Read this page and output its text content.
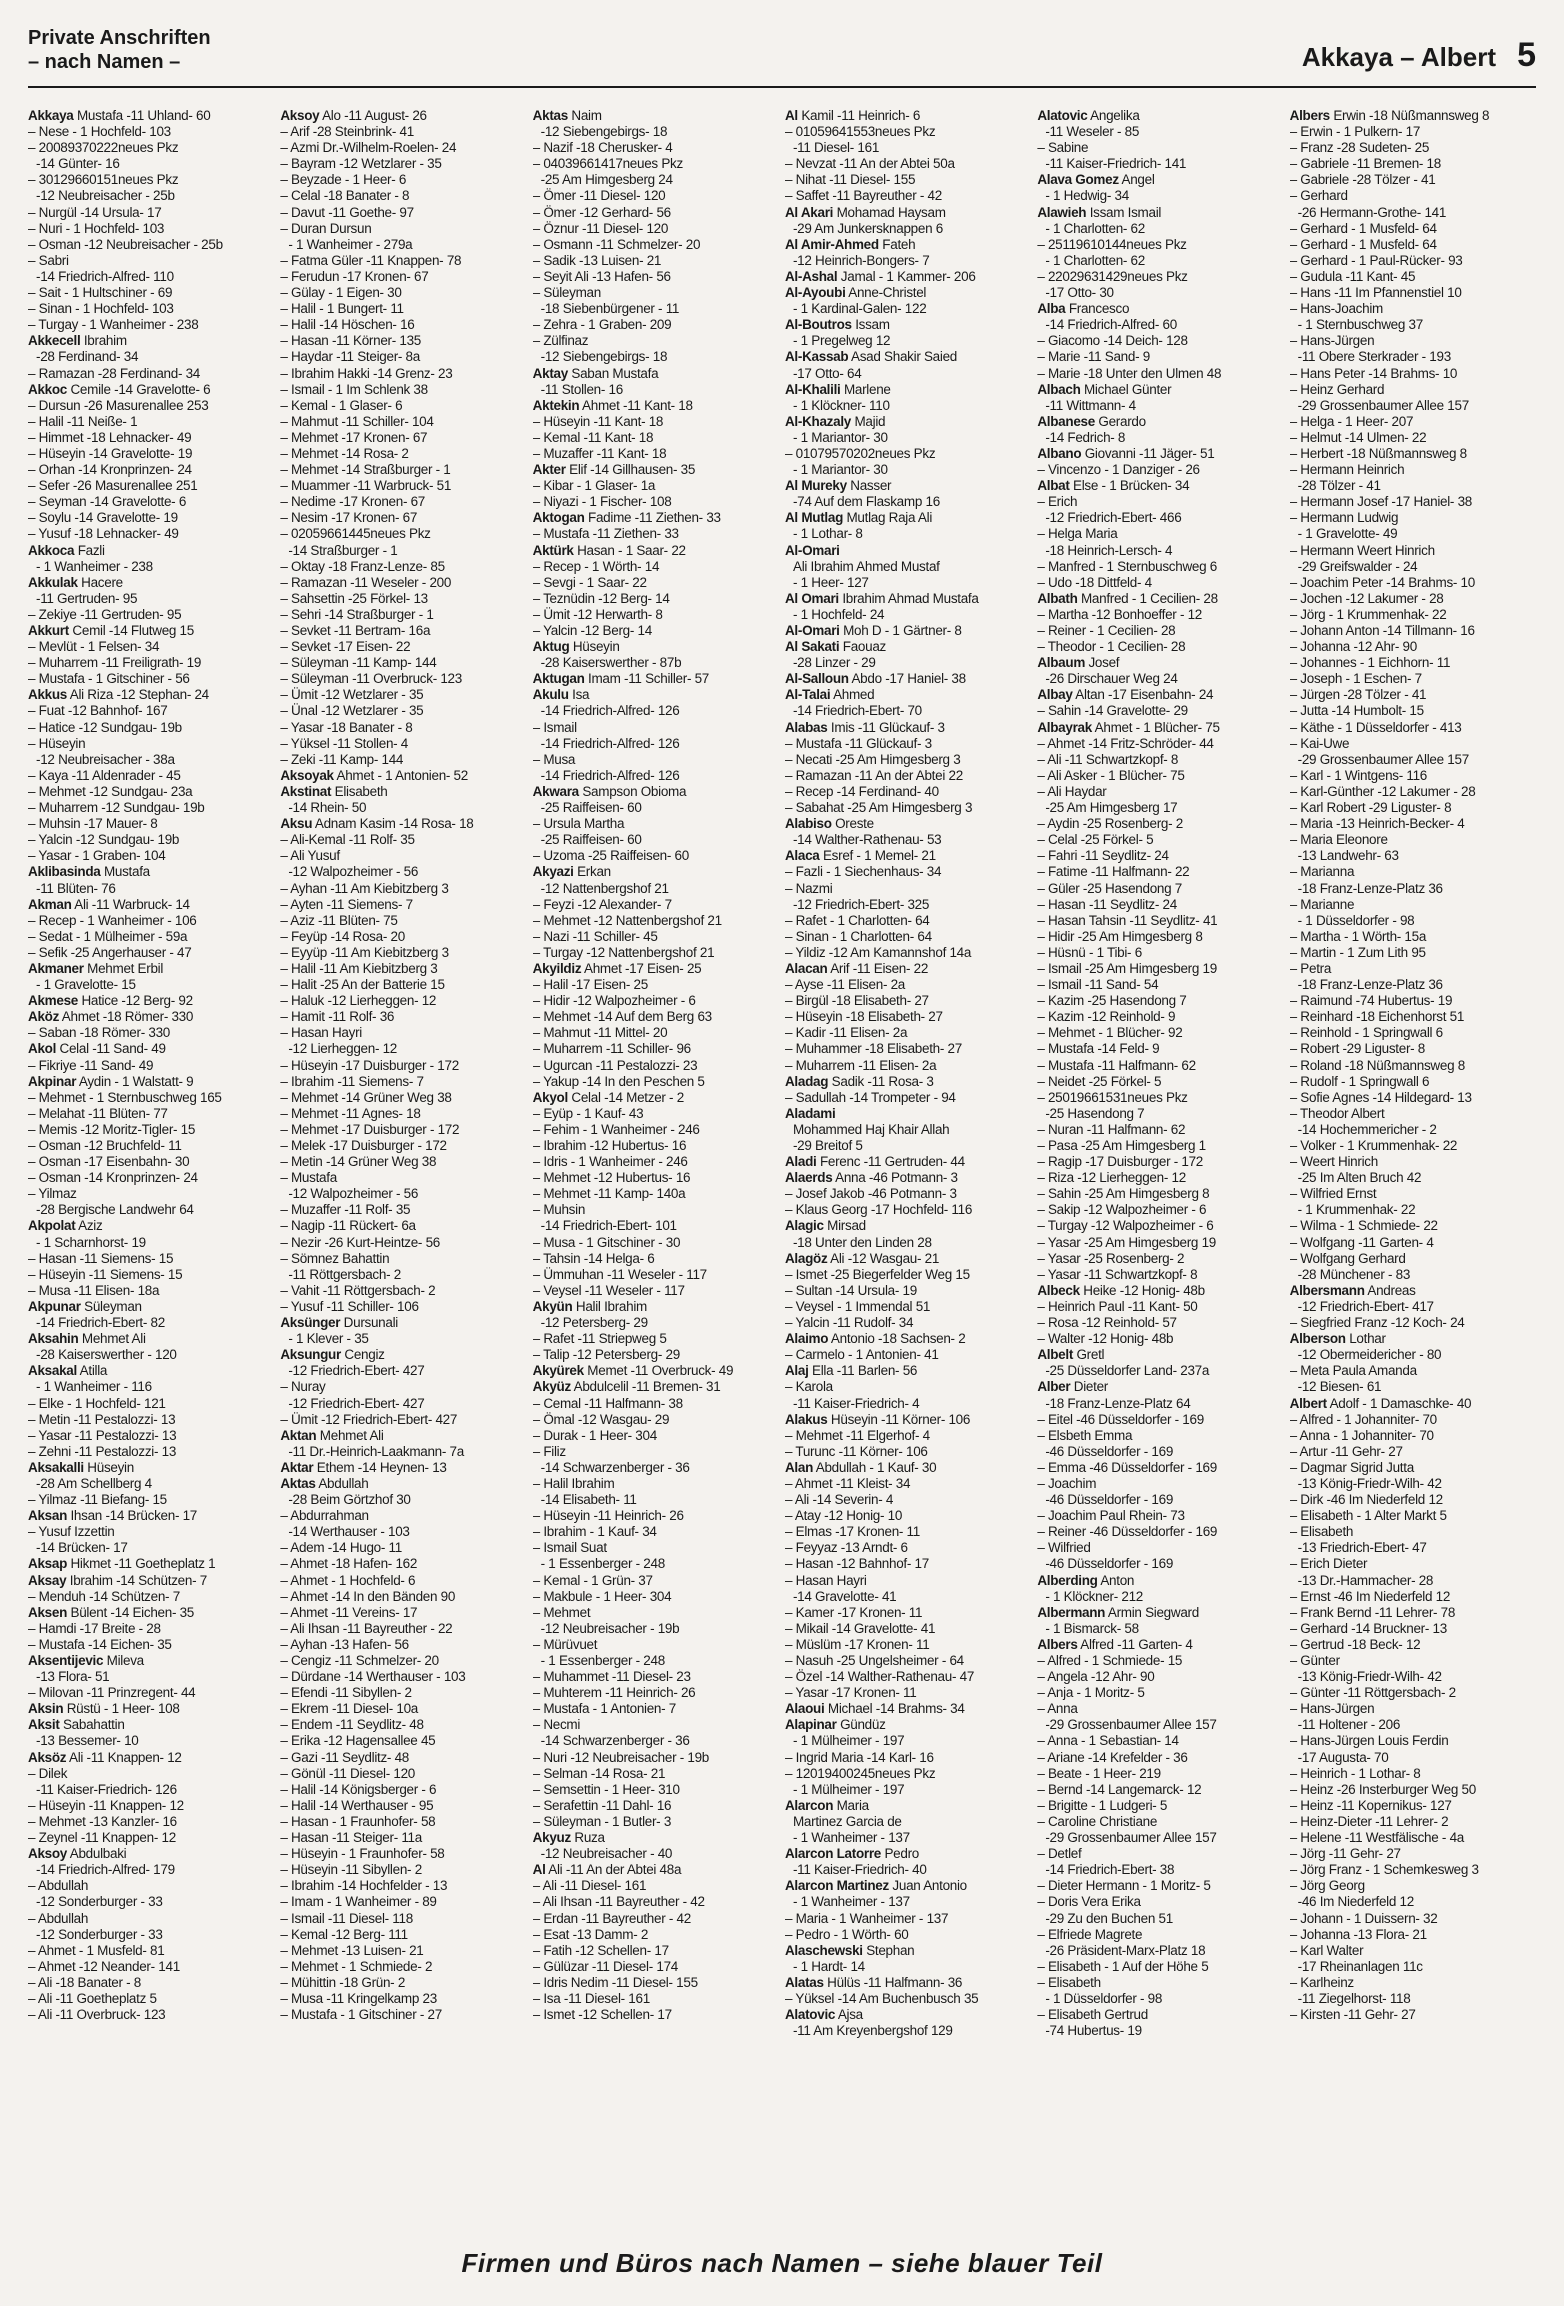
Private Anschriften
– nach Namen –	Akkaya – Albert 5
Akkaya Mustafa -11 Uhland- 60
– Nese - 1 Hochfeld- 103
– 20089370222neues Pkz
-14 Günter- 16
– 30129660151neues Pkz
-12 Neubreisacher - 25b
– Nurgül -14 Ursula- 17
– Nuri - 1 Hochfeld- 103
– Osman -12 Neubreisacher - 25b
– Sabri
-14 Friedrich-Alfred- 110
– Sait - 1 Hultschiner - 69
– Sinan - 1 Hochfeld- 103
– Turgay - 1 Wanheimer - 238
Akkecell Ibrahim
-28 Ferdinand- 34
– Ramazan -28 Ferdinand- 34
Akkoc Cemile -14 Gravelotte- 6
– Dursun -26 Masurenallee 253
– Halil -11 Neiße- 1
– Himmet -18 Lehnacker- 49
– Hüseyin -14 Gravelotte- 19
– Orhan -14 Kronprinzen- 24
– Sefer -26 Masurenallee 251
– Seyman -14 Gravelotte- 6
– Soylu -14 Gravelotte- 19
– Yusuf -18 Lehnacker- 49
Akkoca Fazli
- 1 Wanheimer - 238
Akkulak Hacere
-11 Gertruden- 95
– Zekiye -11 Gertruden- 95
Akkurt Cemil -14 Flutweg 15
– Mevlüt - 1 Felsen- 34
– Muharrem -11 Freiligrath- 19
– Mustafa - 1 Gitschiner - 56
Akkus Ali Riza -12 Stephan- 24
– Fuat -12 Bahnhof- 167
– Hatice -12 Sundgau- 19b
– Hüseyin
-12 Neubreisacher - 38a
– Kaya -11 Aldenrader - 45
– Mehmet -12 Sundgau- 23a
– Muharrem -12 Sundgau- 19b
– Muhsin -17 Mauer- 8
– Yalcin -12 Sundgau- 19b
– Yasar - 1 Graben- 104
Aklibasinda Mustafa
-11 Blüten- 76
Akman Ali -11 Warbruck- 14
– Recep - 1 Wanheimer - 106
– Sedat - 1 Mülheimer - 59a
– Sefik -25 Angerhauser - 47
Akmaner Mehmet Erbil
- 1 Gravelotte- 15
Akmese Hatice -12 Berg- 92
Aköz Ahmet -18 Römer- 330
– Saban -18 Römer- 330
Akol Celal -11 Sand- 49
– Fikriye -11 Sand- 49
Akpinar Aydin - 1 Walstatt- 9
– Mehmet - 1 Sternbuschweg 165
– Melahat -11 Blüten- 77
– Memis -12 Moritz-Tigler- 15
– Osman -12 Bruchfeld- 11
– Osman -17 Eisenbahn- 30
– Osman -14 Kronprinzen- 24
– Yilmaz
-28 Bergische Landwehr 64
Akpolat Aziz
- 1 Scharnhorst- 19
– Hasan -11 Siemens- 15
– Hüseyin -11 Siemens- 15
– Musa -11 Elisen- 18a
Akpunar Süleyman
-14 Friedrich-Ebert- 82
Aksahin Mehmet Ali
-28 Kaiserswerther - 120
Aksakal Atilla
- 1 Wanheimer - 116
– Elke - 1 Hochfeld- 121
– Metin -11 Pestalozzi- 13
– Yasar -11 Pestalozzi- 13
– Zehni -11 Pestalozzi- 13
Aksakalli Hüseyin
-28 Am Schellberg 4
– Yilmaz -11 Biefang- 15
Aksan Ihsan -14 Brücken- 17
– Yusuf Izzettin
-14 Brücken- 17
Aksap Hikmet -11 Goetheplatz 1
Aksay Ibrahim -14 Schützen- 7
– Menduh -14 Schützen- 7
Aksen Bülent -14 Eichen- 35
– Hamdi -17 Breite - 28
– Mustafa -14 Eichen- 35
Aksentijevic Mileva
-13 Flora- 51
– Milovan -11 Prinzregent- 44
Aksin Rüstü - 1 Heer- 108
Aksit Sabahattin
-13 Bessemer- 10
Aksöz Ali -11 Knappen- 12
– Dilek
-11 Kaiser-Friedrich- 126
– Hüseyin -11 Knappen- 12
– Mehmet -13 Kanzler- 16
– Zeynel -11 Knappen- 12
Aksoy Abdulbaki
-14 Friedrich-Alfred- 179
– Abdullah
-12 Sonderburger - 33
– Abdullah
-12 Sonderburger - 33
– Ahmet - 1 Musfeld- 81
– Ahmet -12 Neander- 141
– Ali -18 Banater - 8
– Ali -11 Goetheplatz 5
– Ali -11 Overbruck- 123
Aksoy Alo -11 August- 26
– Arif -28 Steinbrink- 41
– Azmi Dr.-Wilhelm-Roelen- 24
– Bayram -12 Wetzlarer - 35
– Beyzade - 1 Heer- 6
– Celal -18 Banater - 8
– Davut -11 Goethe- 97
– Duran Dursun
- 1 Wanheimer - 279a
– Fatma Güler -11 Knappen- 78
– Ferudun -17 Kronen- 67
– Gülay - 1 Eigen- 30
– Halil - 1 Bungert- 11
– Halil -14 Höschen- 16
– Hasan -11 Körner- 135
– Haydar -11 Steiger- 8a
– Ibrahim Hakki -14 Grenz- 23
– Ismail - 1 Im Schlenk 38
– Kemal - 1 Glaser- 6
– Mahmut -11 Schiller- 104
– Mehmet -17 Kronen- 67
– Mehmet -14 Rosa- 2
– Mehmet -14 Straßburger - 1
– Muammer -11 Warbruck- 51
– Nedime -17 Kronen- 67
– Nesim -17 Kronen- 67
– 02059661445neues Pkz
-14 Straßburger - 1
– Oktay -18 Franz-Lenze- 85
– Ramazan -11 Weseler - 200
– Sahsettin -25 Förkel- 13
– Sehri -14 Straßburger - 1
– Sevket -11 Bertram- 16a
– Sevket -17 Eisen- 22
– Süleyman -11 Kamp- 144
– Süleyman -11 Overbruck- 123
– Ümit -12 Wetzlarer - 35
– Ünal -12 Wetzlarer - 35
– Yasar -18 Banater - 8
– Yüksel -11 Stollen- 4
– Zeki -11 Kamp- 144
Aksoyak Ahmet - 1 Antonien- 52
Akstinat Elisabeth
-14 Rhein- 50
Aksu Adnam Kasim -14 Rosa- 18
– Ali-Kemal -11 Rolf- 35
– Ali Yusuf
-12 Walpozheimer - 56
– Ayhan -11 Am Kiebitzberg 3
– Ayten -11 Siemens- 7
– Aziz -11 Blüten- 75
– Feyüp -14 Rosa- 20
– Eyyüp -11 Am Kiebitzberg 3
– Halil -11 Am Kiebitzberg 3
– Halit -25 An der Batterie 15
– Haluk -12 Lierheggen- 12
– Hamit -11 Rolf- 36
– Hasan Hayri
-12 Lierheggen- 12
– Hüseyin -17 Duisburger - 172
– Ibrahim -11 Siemens- 7
– Mehmet -14 Grüner Weg 38
– Mehmet -11 Agnes- 18
– Mehmet -17 Duisburger - 172
– Melek -17 Duisburger - 172
– Metin -14 Grüner Weg 38
– Mustafa
-12 Walpozheimer - 56
– Muzaffer -11 Rolf- 35
– Nagip -11 Rückert- 6a
– Nezir -26 Kurt-Heintze- 56
– Sömnez Bahattin
-11 Röttgersbach- 2
– Vahit -11 Röttgersbach- 2
– Yusuf -11 Schiller- 106
Aksünger Dursunali
- 1 Klever - 35
Aksungur Cengiz
-12 Friedrich-Ebert- 427
– Nuray
-12 Friedrich-Ebert- 427
– Ümit -12 Friedrich-Ebert- 427
Aktan Mehmet Ali
-11 Dr.-Heinrich-Laakmann- 7a
Aktar Ethem -14 Heynen- 13
Aktas Abdullah
-28 Beim Görtzhof 30
– Abdurrahman
-14 Werthauser - 103
– Adem -14 Hugo- 11
– Ahmet -18 Hafen- 162
– Ahmet - 1 Hochfeld- 6
– Ahmet -14 In den Bänden 90
– Ahmet -11 Vereins- 17
– Ali Ihsan -11 Bayreuther - 22
– Ayhan -13 Hafen- 56
– Cengiz -11 Schmelzer- 20
– Dürdane -14 Werthauser - 103
– Efendi -11 Sibyllen- 2
– Ekrem -11 Diesel- 10a
– Endem -11 Seydlitz- 48
– Erika -12 Hagensallee 45
– Gazi -11 Seydlitz- 48
– Gönül -11 Diesel- 120
– Halil -14 Königsberger - 6
– Halil -14 Werthauser - 95
– Hasan - 1 Fraunhofer- 58
– Hasan -11 Steiger- 11a
– Hüseyin - 1 Fraunhofer- 58
– Hüseyin -11 Sibyllen- 2
– Ibrahim -14 Hochfelder - 13
– Imam - 1 Wanheimer - 89
– Ismail -11 Diesel- 118
– Kemal -12 Berg- 111
– Mehmet -13 Luisen- 21
– Mehmet - 1 Schmiede- 2
– Mühittin -18 Grün- 2
– Musa -11 Kringelkamp 23
– Mustafa - 1 Gitschiner - 27
Aktas Naim
-12 Siebengebirgs- 18
– Nazif -18 Cherusker- 4
– 04039661417neues Pkz
-25 Am Himgesberg 24
– Ömer -11 Diesel- 120
– Ömer -12 Gerhard- 56
– Öznur -11 Diesel- 120
– Osmann -11 Schmelzer- 20
– Sadik -13 Luisen- 21
– Seyit Ali -13 Hafen- 56
– Süleyman
-18 Siebenbürgener - 11
– Zehra - 1 Graben- 209
– Zülfinaz
-12 Siebengebirgs- 18
Aktay Saban Mustafa
-11 Stollen- 16
Aktekin Ahmet -11 Kant- 18
– Hüseyin -11 Kant- 18
– Kemal -11 Kant- 18
– Muzaffer -11 Kant- 18
Akter Elif -14 Gillhausen- 35
– Kibar - 1 Glaser- 1a
– Niyazi - 1 Fischer- 108
Aktogan Fadime -11 Ziethen- 33
– Mustafa -11 Ziethen- 33
Aktürk Hasan - 1 Saar- 22
– Recep - 1 Wörth- 14
– Sevgi - 1 Saar- 22
– Teznüdin -12 Berg- 14
– Ümit -12 Herwarth- 8
– Yalcin -12 Berg- 14
Aktug Hüseyin
-28 Kaiserswerther - 87b
Aktugan Imam -11 Schiller- 57
Akulu Isa
-14 Friedrich-Alfred- 126
– Ismail
-14 Friedrich-Alfred- 126
– Musa
-14 Friedrich-Alfred- 126
Akwara Sampson Obioma
-25 Raiffeisen- 60
– Ursula Martha
-25 Raiffeisen- 60
– Uzoma -25 Raiffeisen- 60
Akyazi Erkan
-12 Nattenbergshof 21
– Feyzi -12 Alexander- 7
– Mehmet -12 Nattenbergshof 21
– Nazi -11 Schiller- 45
– Turgay -12 Nattenbergshof 21
Akyildiz Ahmet -17 Eisen- 25
– Halil -17 Eisen- 25
– Hidir -12 Walpozheimer - 6
– Mehmet -14 Auf dem Berg 63
– Mahmut -11 Mittel- 20
– Muharrem -11 Schiller- 96
– Ugurcan -11 Pestalozzi- 23
– Yakup -14 In den Peschen 5
Akyol Celal -14 Metzer - 2
– Eyüp - 1 Kauf- 43
– Fehim - 1 Wanheimer - 246
– Ibrahim -12 Hubertus- 16
– Idris - 1 Wanheimer - 246
– Mehmet -12 Hubertus- 16
– Mehmet -11 Kamp- 140a
– Muhsin
-14 Friedrich-Ebert- 101
– Musa - 1 Gitschiner - 30
– Tahsin -14 Helga- 6
– Ümmuhan -11 Weseler - 117
– Veysel -11 Weseler - 117
Akyün Halil Ibrahim
-12 Petersberg- 29
– Rafet -11 Striepweg 5
– Talip -12 Petersberg- 29
Akyürek Memet -11 Overbruck- 49
Akyüz Abdulcelil -11 Bremen- 31
– Cemal -11 Halfmann- 38
– Ömal -12 Wasgau- 29
– Durak - 1 Heer- 304
– Filiz
-14 Schwarzenberger - 36
– Halil Ibrahim
-14 Elisabeth- 11
– Hüseyin -11 Heinrich- 26
– Ibrahim - 1 Kauf- 34
– Ismail Suat
- 1 Essenberger - 248
– Kemal - 1 Grün- 37
– Makbule - 1 Heer- 304
– Mehmet
-12 Neubreisacher - 19b
– Mürüvuet
- 1 Essenberger - 248
– Muhammet -11 Diesel- 23
– Muhterem -11 Heinrich- 26
– Mustafa - 1 Antonien- 7
– Necmi
-14 Schwarzenberger - 36
– Nuri -12 Neubreisacher - 19b
– Selman -14 Rosa- 21
– Semsettin - 1 Heer- 310
– Serafettin -11 Dahl- 16
– Süleyman - 1 Butler- 3
Akyuz Ruza
-12 Neubreisacher - 40
Al Ali -11 An der Abtei 48a
– Ali -11 Diesel- 161
– Ali Ihsan -11 Bayreuther - 42
– Erdan -11 Bayreuther - 42
– Esat -13 Damm- 2
– Fatih -12 Schellen- 17
– Gülüzar -11 Diesel- 174
– Idris Nedim -11 Diesel- 155
– Isa -11 Diesel- 161
– Ismet -12 Schellen- 17
Al Kamil -11 Heinrich- 6
– 01059641553neues Pkz
-11 Diesel- 161
– Nevzat -11 An der Abtei 50a
– Nihat -11 Diesel- 155
– Saffet -11 Bayreuther - 42
Al Akari Mohamad Haysam
-29 Am Junkersknappen 6
Al Amir-Ahmed Fateh
-12 Heinrich-Bongers- 7
Al-Ashal Jamal - 1 Kammer- 206
Al-Ayoubi Anne-Christel
- 1 Kardinal-Galen- 122
Al-Boutros Issam
- 1 Pregelweg 12
Al-Kassab Asad Shakir Saied
-17 Otto- 64
Al-Khalili Marlene
- 1 Klöckner- 110
Al-Khazaly Majid
- 1 Mariantor- 30
– 01079570202neues Pkz
- 1 Mariantor- 30
Al Mureky Nasser
-74 Auf dem Flaskamp 16
Al Mutlag Mutlag Raja Ali
- 1 Lothar- 8
Al-Omari
Ali Ibrahim Ahmed Mustaf
- 1 Heer- 127
Al Omari Ibrahim Ahmad Mustafa
- 1 Hochfeld- 24
Al-Omari Moh D - 1 Gärtner- 8
Al Sakati Faouaz
-28 Linzer - 29
Al-Salloun Abdo -17 Haniel- 38
Al-Talai Ahmed
-14 Friedrich-Ebert- 70
Alabas Imis -11 Glückauf- 3
– Mustafa -11 Glückauf- 3
– Necati -25 Am Himgesberg 3
– Ramazan -11 An der Abtei 22
– Recep -14 Ferdinand- 40
– Sabahat -25 Am Himgesberg 3
Alabiso Oreste
-14 Walther-Rathenau- 53
Alaca Esref - 1 Memel- 21
– Fazli - 1 Siechenhaus- 34
– Nazmi
-12 Friedrich-Ebert- 325
– Rafet - 1 Charlotten- 64
– Sinan - 1 Charlotten- 64
– Yildiz -12 Am Kamannshof 14a
Alacan Arif -11 Eisen- 22
– Ayse -11 Elisen- 2a
– Birgül -18 Elisabeth- 27
– Hüseyin -18 Elisabeth- 27
– Kadir -11 Elisen- 2a
– Muhammer -18 Elisabeth- 27
– Muharrem -11 Elisen- 2a
Aladag Sadik -11 Rosa- 3
– Sadullah -14 Trompeter - 94
Aladami
Mohammed Haj Khair Allah
-29 Breitof 5
Aladi Ferenc -11 Gertruden- 44
Alaerds Anna -46 Potmann- 3
– Josef Jakob -46 Potmann- 3
– Klaus Georg -17 Hochfeld- 116
Alagic Mirsad
-18 Unter den Linden 28
Alagöz Ali -12 Wasgau- 21
– Ismet -25 Biegerfelder Weg 15
– Sultan -14 Ursula- 19
– Veysel - 1 Immendal 51
– Yalcin -11 Rudolf- 34
Alaimo Antonio -18 Sachsen- 2
– Carmelo - 1 Antonien- 41
Alaj Ella -11 Barlen- 56
– Karola
-11 Kaiser-Friedrich- 4
Alakus Hüseyin -11 Körner- 106
– Mehmet -11 Elgerhof- 4
– Turunc -11 Körner- 106
Alan Abdullah - 1 Kauf- 30
– Ahmet -11 Kleist- 34
– Ali -14 Severin- 4
– Atay -12 Honig- 10
– Elmas -17 Kronen- 11
– Feyyaz -13 Arndt- 6
– Hasan -12 Bahnhof- 17
– Hasan Hayri
-14 Gravelotte- 41
– Kamer -17 Kronen- 11
– Mikail -14 Gravelotte- 41
– Müslüm -17 Kronen- 11
– Nasuh -25 Ungelsheimer - 64
– Özel -14 Walther-Rathenau- 47
– Yasar -17 Kronen- 11
Alaoui Michael -14 Brahms- 34
Alapinar Gündüz
- 1 Mülheimer - 197
– Ingrid Maria -14 Karl- 16
– 12019400245neues Pkz
- 1 Mülheimer - 197
Alarcon Maria
Martinez Garcia de
- 1 Wanheimer - 137
Alarcon Latorre Pedro
-11 Kaiser-Friedrich- 40
Alarcon Martinez Juan Antonio
- 1 Wanheimer - 137
– Maria - 1 Wanheimer - 137
– Pedro - 1 Wörth- 60
Alaschewski Stephan
- 1 Hardt- 14
Alatas Hülüs -11 Halfmann- 36
– Yüksel -14 Am Buchenbusch 35
Alatovic Ajsa
-11 Am Kreyenbergshof 129
Alatovic Angelika
-11 Weseler - 85
– Sabine
-11 Kaiser-Friedrich- 141
Alava Gomez Angel
- 1 Hedwig- 34
Alawieh Issam Ismail
- 1 Charlotten- 62
– 25119610144neues Pkz
- 1 Charlotten- 62
– 22029631429neues Pkz
-17 Otto- 30
Alba Francesco
-14 Friedrich-Alfred- 60
– Giacomo -14 Deich- 128
– Marie -11 Sand- 9
– Marie -18 Unter den Ulmen 48
Albach Michael Günter
-11 Wittmann- 4
Albanese Gerardo
-14 Fedrich- 8
Albano Giovanni -11 Jäger- 51
– Vincenzo - 1 Danziger - 26
Albat Else - 1 Brücken- 34
– Erich
-12 Friedrich-Ebert- 466
– Helga Maria
-18 Heinrich-Lersch- 4
– Manfred - 1 Sternbuschweg 6
– Udo -18 Dittfeld- 4
Albath Manfred - 1 Cecilien- 28
– Martha -12 Bonhoeffer - 12
– Reiner - 1 Cecilien- 28
– Theodor - 1 Cecilien- 28
Albaum Josef
-26 Dirschauer Weg 24
Albay Altan -17 Eisenbahn- 24
– Sahin -14 Gravelotte- 29
Albayrak Ahmet - 1 Blücher- 75
– Ahmet -14 Fritz-Schröder- 44
– Ali -11 Schwartzkopf- 8
– Ali Asker - 1 Blücher- 75
– Ali Haydar
-25 Am Himgesberg 17
– Aydin -25 Rosenberg- 2
– Celal -25 Förkel- 5
– Fahri -11 Seydlitz- 24
– Fatime -11 Halfmann- 22
– Güler -25 Hasendong 7
– Hasan -11 Seydlitz- 24
– Hasan Tahsin -11 Seydlitz- 41
– Hidir -25 Am Himgesberg 8
– Hüsnü - 1 Tibi- 6
– Ismail -25 Am Himgesberg 19
– Ismail -11 Sand- 54
– Kazim -25 Hasendong 7
– Kazim -12 Reinhold- 9
– Mehmet - 1 Blücher- 92
– Mustafa -14 Feld- 9
– Mustafa -11 Halfmann- 62
– Neidet -25 Förkel- 5
– 25019661531neues Pkz
-25 Hasendong 7
– Nuran -11 Halfmann- 62
– Pasa -25 Am Himgesberg 1
– Ragip -17 Duisburger - 172
– Riza -12 Lierheggen- 12
– Sahin -25 Am Himgesberg 8
– Sakip -12 Walpozheimer - 6
– Turgay -12 Walpozheimer - 6
– Yasar -25 Am Himgesberg 19
– Yasar -25 Rosenberg- 2
– Yasar -11 Schwartzkopf- 8
Albeck Heike -12 Honig- 48b
– Heinrich Paul -11 Kant- 50
– Rosa -12 Reinhold- 57
– Walter -12 Honig- 48b
Albelt Gretl
-25 Düsseldorfer Land- 237a
Alber Dieter
-18 Franz-Lenze-Platz 64
– Eitel -46 Düsseldorfer - 169
– Elsbeth Emma
-46 Düsseldorfer - 169
– Emma -46 Düsseldorfer - 169
– Joachim
-46 Düsseldorfer - 169
– Joachim Paul Rhein- 73
– Reiner -46 Düsseldorfer - 169
– Wilfried
-46 Düsseldorfer - 169
Alberding Anton
- 1 Klöckner- 212
Albermann Armin Siegward
- 1 Bismarck- 58
Albers Alfred -11 Garten- 4
– Alfred - 1 Schmiede- 15
– Angela -12 Ahr- 90
– Anja - 1 Moritz- 5
– Anna
-29 Grossenbaumer Allee 157
– Anna - 1 Sebastian- 14
– Ariane -14 Krefelder - 36
– Beate - 1 Heer- 219
– Bernd -14 Langemarck- 12
– Brigitte - 1 Ludgeri- 5
– Caroline Christiane
-29 Grossenbaumer Allee 157
– Detlef
-14 Friedrich-Ebert- 38
– Dieter Hermann - 1 Moritz- 5
– Doris Vera Erika
-29 Zu den Buchen 51
– Elfriede Magrete
-26 Präsident-Marx-Platz 18
– Elisabeth - 1 Auf der Höhe 5
– Elisabeth
- 1 Düsseldorfer - 98
– Elisabeth Gertrud
-74 Hubertus- 19
Albers Erwin -18 Nüßmannsweg 8
– Erwin - 1 Pulkern- 17
– Franz -28 Sudeten- 25
– Gabriele -11 Bremen- 18
– Gabriele -28 Tölzer - 41
– Gerhard
-26 Hermann-Grothe- 141
– Gerhard - 1 Musfeld- 64
– Gerhard - 1 Musfeld- 64
– Gerhard - 1 Paul-Rücker- 93
– Gudula -11 Kant- 45
– Hans -11 Im Pfannenstiel 10
– Hans-Joachim
- 1 Sternbuschweg 37
– Hans-Jürgen
-11 Obere Sterkrader - 193
– Hans Peter -14 Brahms- 10
– Heinz Gerhard
-29 Grossenbaumer Allee 157
– Helga - 1 Heer- 207
– Helmut -14 Ulmen- 22
– Herbert -18 Nüßmannsweg 8
– Hermann Heinrich
-28 Tölzer - 41
– Hermann Josef -17 Haniel- 38
– Hermann Ludwig
- 1 Gravelotte- 49
– Hermann Weert Hinrich
-29 Greifswalder - 24
– Joachim Peter -14 Brahms- 10
– Jochen -12 Lakumer - 28
– Jörg - 1 Krummenhak- 22
– Johann Anton -14 Tillmann- 16
– Johanna -12 Ahr- 90
– Johannes - 1 Eichhorn- 11
– Joseph - 1 Eschen- 7
– Jürgen -28 Tölzer - 41
– Jutta -14 Humbolt- 15
– Käthe - 1 Düsseldorfer - 413
– Kai-Uwe
-29 Grossenbaumer Allee 157
– Karl - 1 Wintgens- 116
– Karl-Günther -12 Lakumer - 28
– Karl Robert -29 Liguster- 8
– Maria -13 Heinrich-Becker- 4
– Maria Eleonore
-13 Landwehr- 63
– Marianna
-18 Franz-Lenze-Platz 36
– Marianne
- 1 Düsseldorfer - 98
– Martha - 1 Wörth- 15a
– Martin - 1 Zum Lith 95
– Petra
-18 Franz-Lenze-Platz 36
– Raimund -74 Hubertus- 19
– Reinhard -18 Eichenhorst 51
– Reinhold - 1 Springwall 6
– Robert -29 Liguster- 8
– Roland -18 Nüßmannsweg 8
– Rudolf - 1 Springwall 6
– Sofie Agnes -14 Hildegard- 13
– Theodor Albert
-14 Hochemmericher - 2
– Volker - 1 Krummenhak- 22
– Weert Hinrich
-25 Im Alten Bruch 42
– Wilfried Ernst
- 1 Krummenhak- 22
– Wilma - 1 Schmiede- 22
– Wolfgang -11 Garten- 4
– Wolfgang Gerhard
-28 Münchener - 83
Albersmann Andreas
-12 Friedrich-Ebert- 417
– Siegfried Franz -12 Koch- 24
Alberson Lothar
-12 Obermeidericher - 80
– Meta Paula Amanda
-12 Biesen- 61
Albert Adolf - 1 Damaschke- 40
– Alfred - 1 Johanniter- 70
– Anna - 1 Johanniter- 70
– Artur -11 Gehr- 27
– Dagmar Sigrid Jutta
-13 König-Friedr-Wilh- 42
– Dirk -46 Im Niederfeld 12
– Elisabeth - 1 Alter Markt 5
– Elisabeth
-13 Friedrich-Ebert- 47
– Erich Dieter
-13 Dr.-Hammacher- 28
– Ernst -46 Im Niederfeld 12
– Frank Bernd -11 Lehrer- 78
– Gerhard -14 Bruckner- 13
– Gertrud -18 Beck- 12
– Günter
-13 König-Friedr-Wilh- 42
– Günter -11 Röttgersbach- 2
– Hans-Jürgen
-11 Holtener - 206
– Hans-Jürgen Louis Ferdin
-17 Augusta- 70
– Heinrich - 1 Lothar- 8
– Heinz -26 Insterburger Weg 50
– Heinz -11 Kopernikus- 127
– Heinz-Dieter -11 Lehrer- 2
– Helene -11 Westfälische - 4a
– Jörg -11 Gehr- 27
– Jörg Franz - 1 Schemkesweg 3
– Jörg Georg
-46 Im Niederfeld 12
– Johann - 1 Duissern- 32
– Johanna -13 Flora- 21
– Karl Walter
-17 Rheinanlagen 11c
– Karlheinz
-11 Ziegelhorst- 118
– Kirsten -11 Gehr- 27
Firmen und Büros nach Namen – siehe blauer Teil
